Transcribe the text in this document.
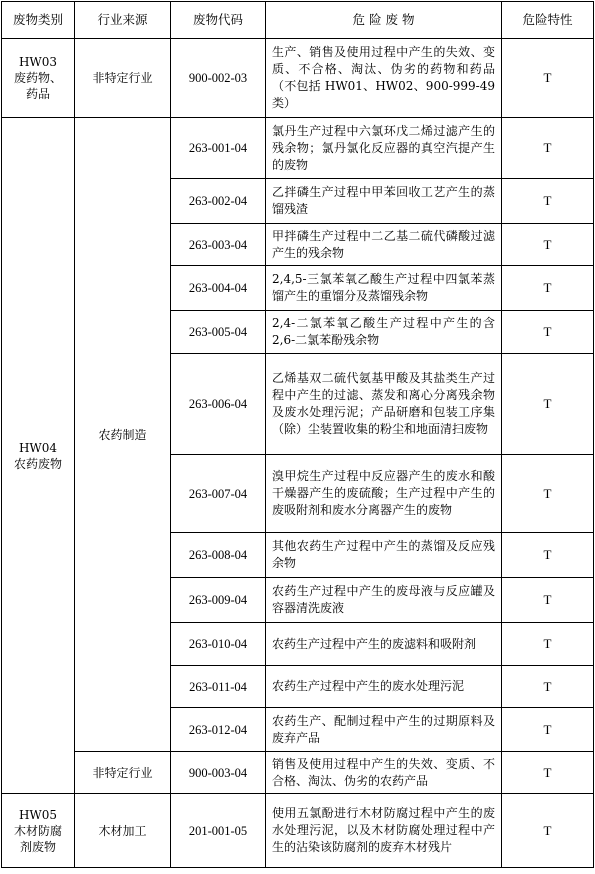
废物类别	行业来源	废物代码	危 险 废 物	危险特性

HW03
废药物、
药品	非特定行业	900-002-03	生产、销售及使用过程中产生的失效、变质、不合格、淘汰、伪劣的药物和药品（不包括 HW01、HW02、900-999-49 类）	T

HW04
农药废物	农药制造	263-001-04	氯丹生产过程中六氯环戊二烯过滤产生的残余物；氯丹氯化反应器的真空汽提产生的废物	T
		263-002-04	乙拌磷生产过程中甲苯回收工艺产生的蒸馏残渣	T
		263-003-04	甲拌磷生产过程中二乙基二硫代磷酸过滤产生的残余物	T
		263-004-04	2,4,5-三氯苯氧乙酸生产过程中四氯苯蒸馏产生的重馏分及蒸馏残余物	T
		263-005-04	2,4-二氯苯氧乙酸生产过程中产生的含 2,6-二氯苯酚残余物	T
		263-006-04	乙烯基双二硫代氨基甲酸及其盐类生产过程中产生的过滤、蒸发和离心分离残余物及废水处理污泥；产品研磨和包装工序集（除）尘装置收集的粉尘和地面清扫废物	T
		263-007-04	溴甲烷生产过程中反应器产生的废水和酸干燥器产生的废硫酸；生产过程中产生的废吸附剂和废水分离器产生的废物	T
		263-008-04	其他农药生产过程中产生的蒸馏及反应残余物	T
		263-009-04	农药生产过程中产生的废母液与反应罐及容器清洗废液	T
		263-010-04	农药生产过程中产生的废滤料和吸附剂	T
		263-011-04	农药生产过程中产生的废水处理污泥	T
		263-012-04	农药生产、配制过程中产生的过期原料及废弃产品	T
	非特定行业	900-003-04	销售及使用过程中产生的失效、变质、不合格、淘汰、伪劣的农药产品	T

HW05
木材防腐
剂废物	木材加工	201-001-05	使用五氯酚进行木材防腐过程中产生的废水处理污泥，以及木材防腐处理过程中产生的沾染该防腐剂的废弃木材残片	T
